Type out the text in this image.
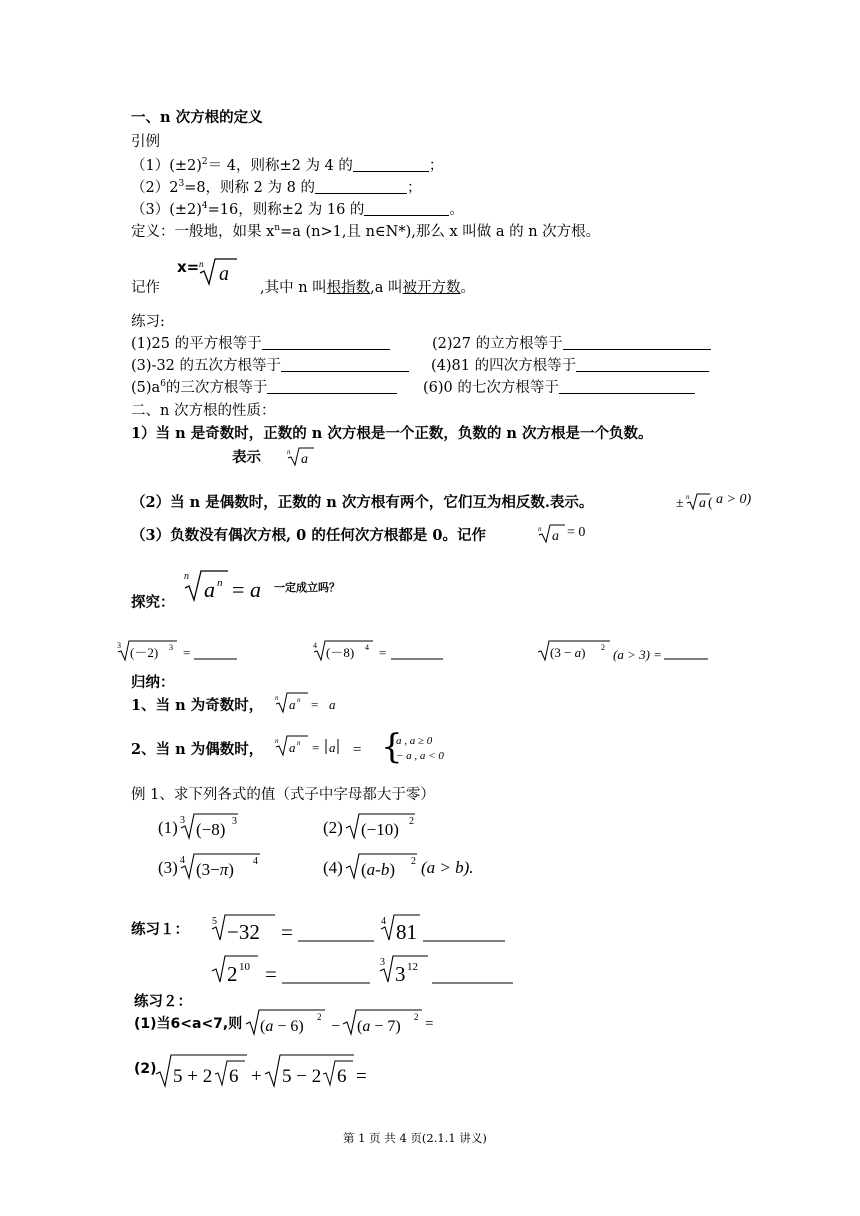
一、n 次方根的定义
引例
$(1)(\pm 2)^2= 4$，则称±2 为 4 的	；
$(2)2^3=8$，则称 2 为 8 的	；
$(3)(\pm 2)^4=16$，则称±2 为 16 的	。
定义：一般地，如果 $x^n=a$ (n>1,且 n∈N*),那么 x 叫做 a 的 n 次方根。
记作
x= n a
,其中 n 叫根指数,a 叫被开方数。
练习:
(1)25 的平方根等于	(2)27 的立方根等于
(3)-32 的五次方根等于	(4)81 的四次方根等于
$(5)a^6$的三次方根等于	(6)0 的七次方根等于
二、n 次方根的性质：
1）当 n 是奇数时，正数的 n 次方根是一个正数，负数的 n 次方根是一个负数。
表示	n a
（2）当 n 是偶数时，正数的 n 次方根有两个，它们互为相反数.表示。	± n a ( a > 0)
（3）负数没有偶次方根, 0 的任何次方根都是 0。记作	n a = 0
探究：
n
a n = a 一定成立吗？
3 (－2) 3 =	4 (－8) 4 =	(3 − a) 2 (a > 3) =
归纳：
1、当 n 为奇数时， n a n = a
2、当 n 为偶数时， n a n = a = {
a , a ≥ 0
− a , a < 0
例 1、求下列各式的值（式子中字母都大于零）
(1) 3 (−8) 3	(2) (−10) 2
(3) 4 (3−π) 4	(4) (a-b) 2 (a > b).
练习１： 5 −32 =	4 81
2 10 =	3 3 12
练习２：
(1)当6<a<7,则 (a − 6)
2
− (a − 7)
2 =
(2) 5 + 2 6 + 5 − 2 6 =
第 1 页 共 4 页(2.1.1 讲义)
